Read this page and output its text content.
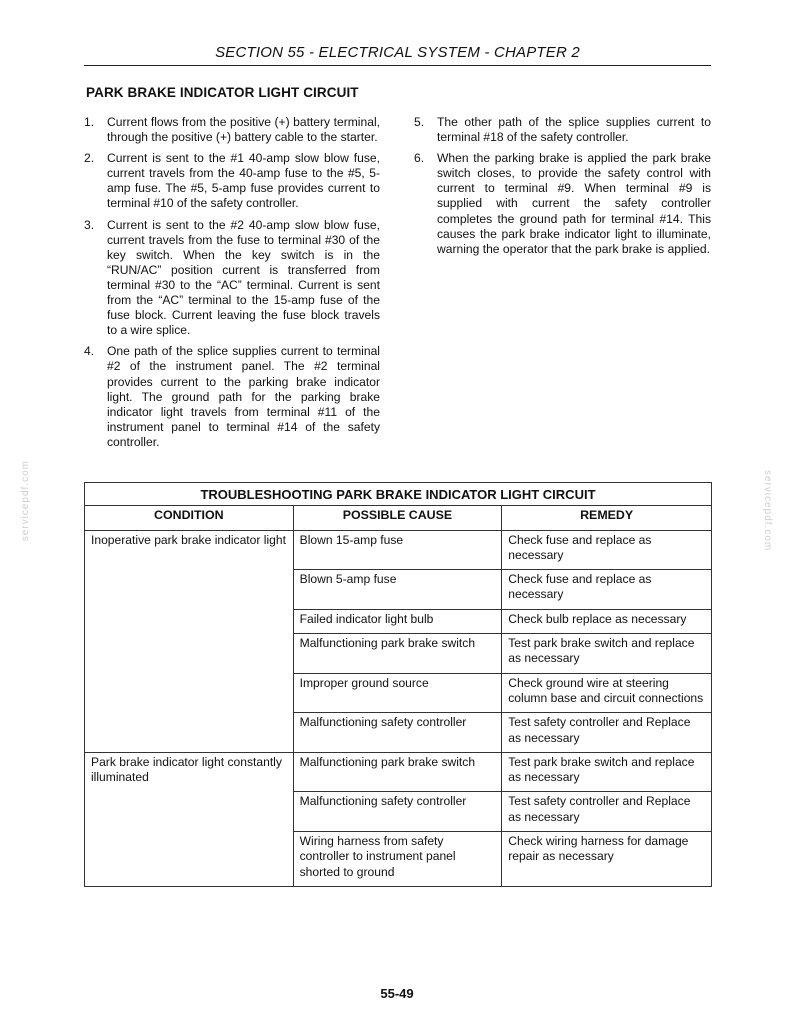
SECTION 55 - ELECTRICAL SYSTEM - CHAPTER 2
PARK BRAKE INDICATOR LIGHT CIRCUIT
1.	Current flows from the positive (+) battery terminal, through the positive (+) battery cable to the starter.
2.	Current is sent to the #1 40-amp slow blow fuse, current travels from the 40-amp fuse to the #5, 5-amp fuse. The #5, 5-amp fuse provides current to terminal #10 of the safety controller.
3.	Current is sent to the #2 40-amp slow blow fuse, current travels from the fuse to terminal #30 of the key switch. When the key switch is in the “RUN/AC” position current is transferred from terminal #30 to the “AC” terminal. Current is sent from the “AC” terminal to the 15-amp fuse of the fuse block. Current leaving the fuse block travels to a wire splice.
4.	One path of the splice supplies current to terminal #2 of the instrument panel. The #2 terminal provides current to the parking brake indicator light. The ground path for the parking brake indicator light travels from terminal #11 of the instrument panel to terminal #14 of the safety controller.
5.	The other path of the splice supplies current to terminal #18 of the safety controller.
6.	When the parking brake is applied the park brake switch closes, to provide the safety control with current to terminal #9. When terminal #9 is supplied with current the safety controller completes the ground path for terminal #14. This causes the park brake indicator light to illuminate, warning the operator that the park brake is applied.
servicepdf.com	servicepdf.com
TROUBLESHOOTING PARK BRAKE INDICATOR LIGHT CIRCUIT		
CONDITION	POSSIBLE CAUSE	REMEDY
Inoperative park brake indicator light	Blown 15-amp fuse	Check fuse and replace as necessary
	Blown 5-amp fuse	Check fuse and replace as necessary
	Failed indicator light bulb	Check bulb replace as necessary
	Malfunctioning park brake switch	Test park brake switch and replace as necessary
	Improper ground source	Check ground wire at steering column base and circuit connections
	Malfunctioning safety controller	Test safety controller and Replace as necessary
Park brake indicator light constantly illuminated	Malfunctioning park brake switch	Test park brake switch and replace as necessary
	Malfunctioning safety controller	Test safety controller and Replace as necessary
	Wiring harness from safety controller to instrument panel shorted to ground	Check wiring harness for damage repair as necessary
55-49
